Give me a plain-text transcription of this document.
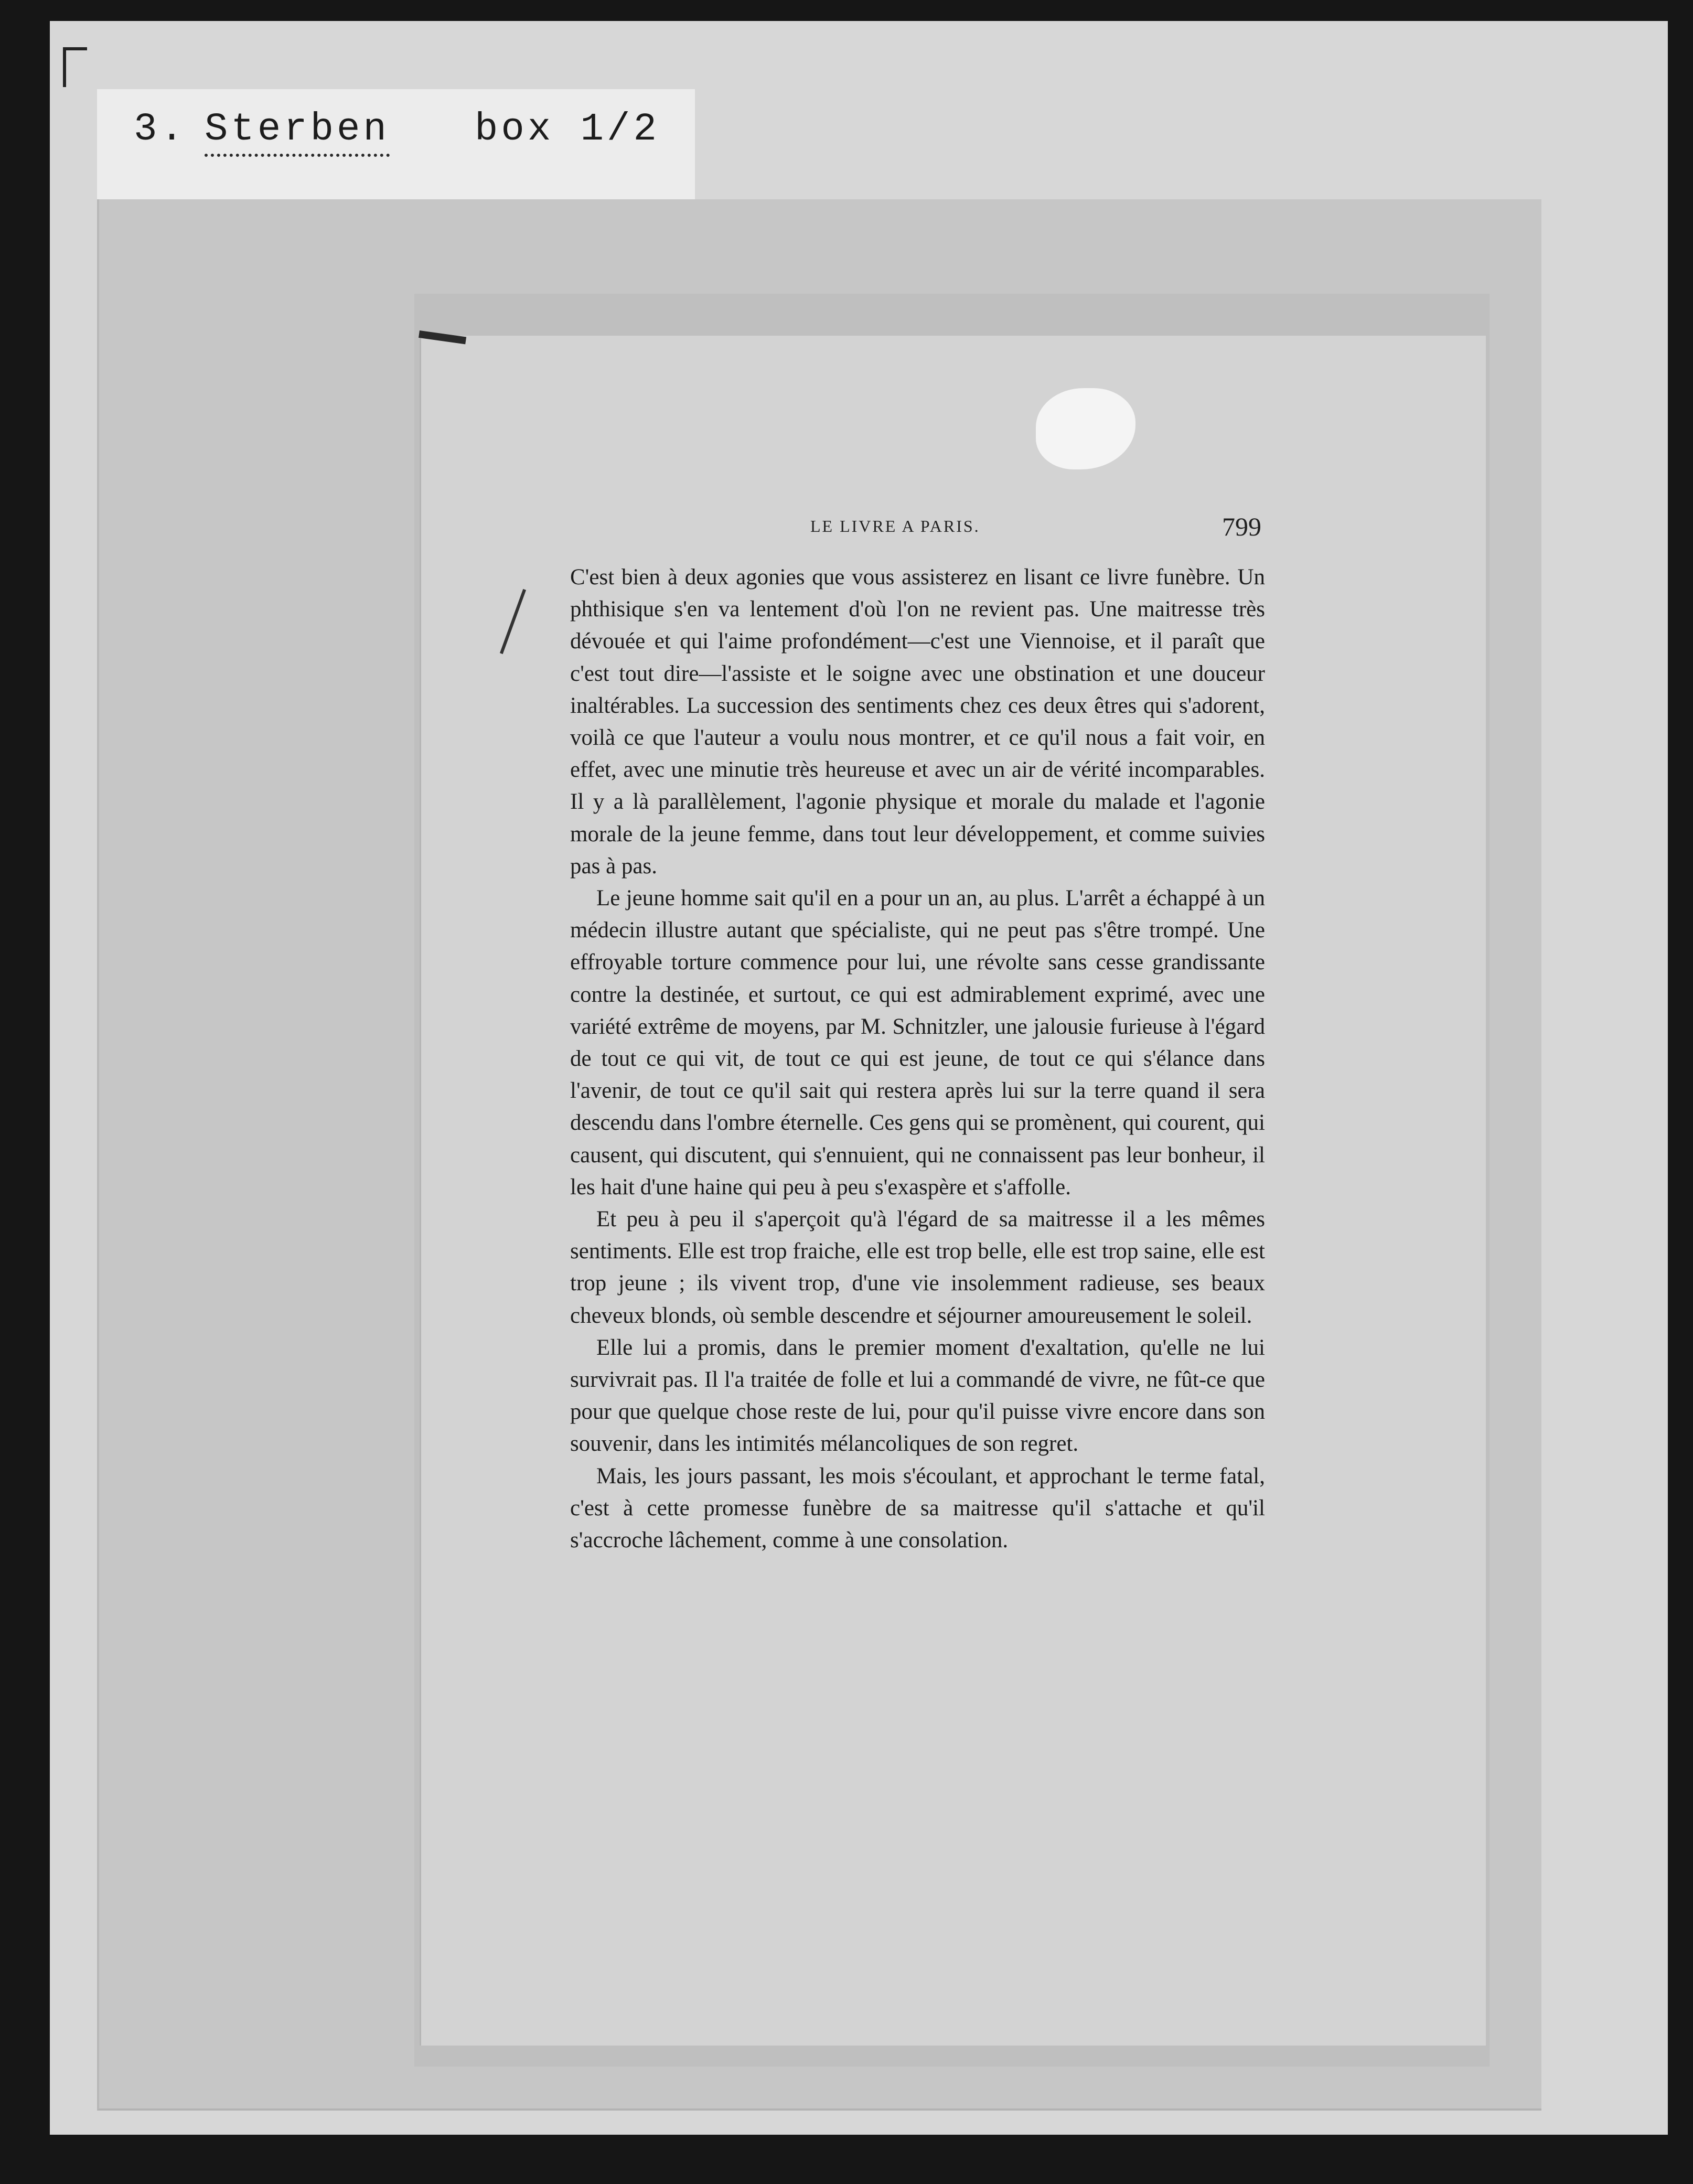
3. Sterben box 1/2
LE LIVRE A PARIS.	799

C'est bien à deux agonies que vous assisterez en lisant ce livre funèbre. Un phthisique s'en va lentement d'où l'on ne revient pas. Une maitresse très dévouée et qui l'aime profondément—c'est une Viennoise, et il paraît que c'est tout dire—l'assiste et le soigne avec une obstination et une douceur inaltérables. La succession des sentiments chez ces deux êtres qui s'adorent, voilà ce que l'auteur a voulu nous montrer, et ce qu'il nous a fait voir, en effet, avec une minutie très heureuse et avec un air de vérité incomparables. Il y a là parallèlement, l'agonie physique et morale du malade et l'agonie morale de la jeune femme, dans tout leur développement, et comme suivies pas à pas.

Le jeune homme sait qu'il en a pour un an, au plus. L'arrêt a échappé à un médecin illustre autant que spécialiste, qui ne peut pas s'être trompé. Une effroyable torture commence pour lui, une révolte sans cesse grandissante contre la destinée, et surtout, ce qui est admirablement exprimé, avec une variété extrême de moyens, par M. Schnitzler, une jalousie furieuse à l'égard de tout ce qui vit, de tout ce qui est jeune, de tout ce qui s'élance dans l'avenir, de tout ce qu'il sait qui restera après lui sur la terre quand il sera descendu dans l'ombre éternelle. Ces gens qui se promènent, qui courent, qui causent, qui discutent, qui s'ennuient, qui ne connaissent pas leur bonheur, il les hait d'une haine qui peu à peu s'exaspère et s'affolle.

Et peu à peu il s'aperçoit qu'à l'égard de sa maitresse il a les mêmes sentiments. Elle est trop fraiche, elle est trop belle, elle est trop saine, elle est trop jeune ; ils vivent trop, d'une vie insolemment radieuse, ses beaux cheveux blonds, où semble descendre et séjourner amoureusement le soleil.

Elle lui a promis, dans le premier moment d'exaltation, qu'elle ne lui survivrait pas. Il l'a traitée de folle et lui a commandé de vivre, ne fût-ce que pour que quelque chose reste de lui, pour qu'il puisse vivre encore dans son souvenir, dans les intimités mélancoliques de son regret.

Mais, les jours passant, les mois s'écoulant, et approchant le terme fatal, c'est à cette promesse funèbre de sa maitresse qu'il s'attache et qu'il s'accroche lâchement, comme à une consolation.
